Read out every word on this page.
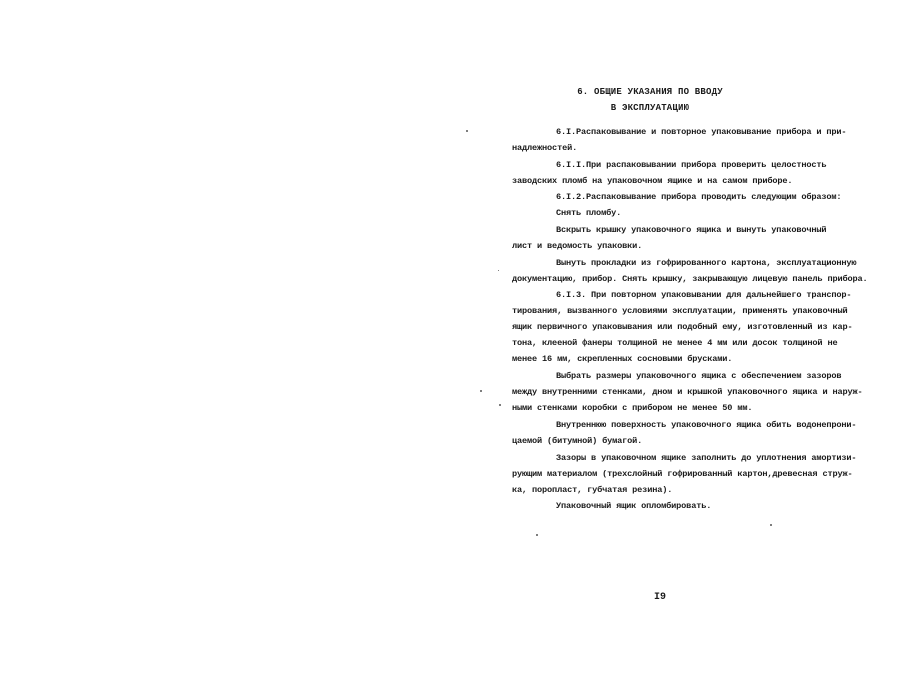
6. ОБЩИЕ УКАЗАНИЯ ПО ВВОДУ
В ЭКСПЛУАТАЦИЮ
6.I.Распаковывание и повторное упаковывание прибора и при-
надлежностей.
6.I.I.При распаковывании прибора проверить целостность
заводских пломб на упаковочном ящике и на самом приборе.
6.I.2.Распаковывание прибора проводить следующим образом:
Снять пломбу.
Вскрыть крышку упаковочного ящика и вынуть упаковочный
лист и ведомость упаковки.
Вынуть прокладки из гофрированного картона, эксплуатационную
документацию, прибор. Снять крышку, закрывающую лицевую панель прибора.
6.I.3. При повторном упаковывании для дальнейшего транспор-
тирования, вызванного условиями эксплуатации, применять упаковочный
ящик первичного упаковывания или подобный ему, изготовленный из кар-
тона, клееной фанеры толщиной не менее 4 мм или досок толщиной не
менее 16 мм, скрепленных сосновыми брусками.
Выбрать размеры упаковочного ящика с обеспечением зазоров
между внутренними стенками, дном и крышкой упаковочного ящика и наруж-
ными стенками коробки с прибором не менее 50 мм.
Внутреннюю поверхность упаковочного ящика обить водонепрони-
цаемой (битумной) бумагой.
Зазоры в упаковочном ящике заполнить до уплотнения амортизи-
рующим материалом (трехслойный гофрированный картон,древесная струж-
ка, поропласт, губчатая резина).
Упаковочный ящик опломбировать.
I9
